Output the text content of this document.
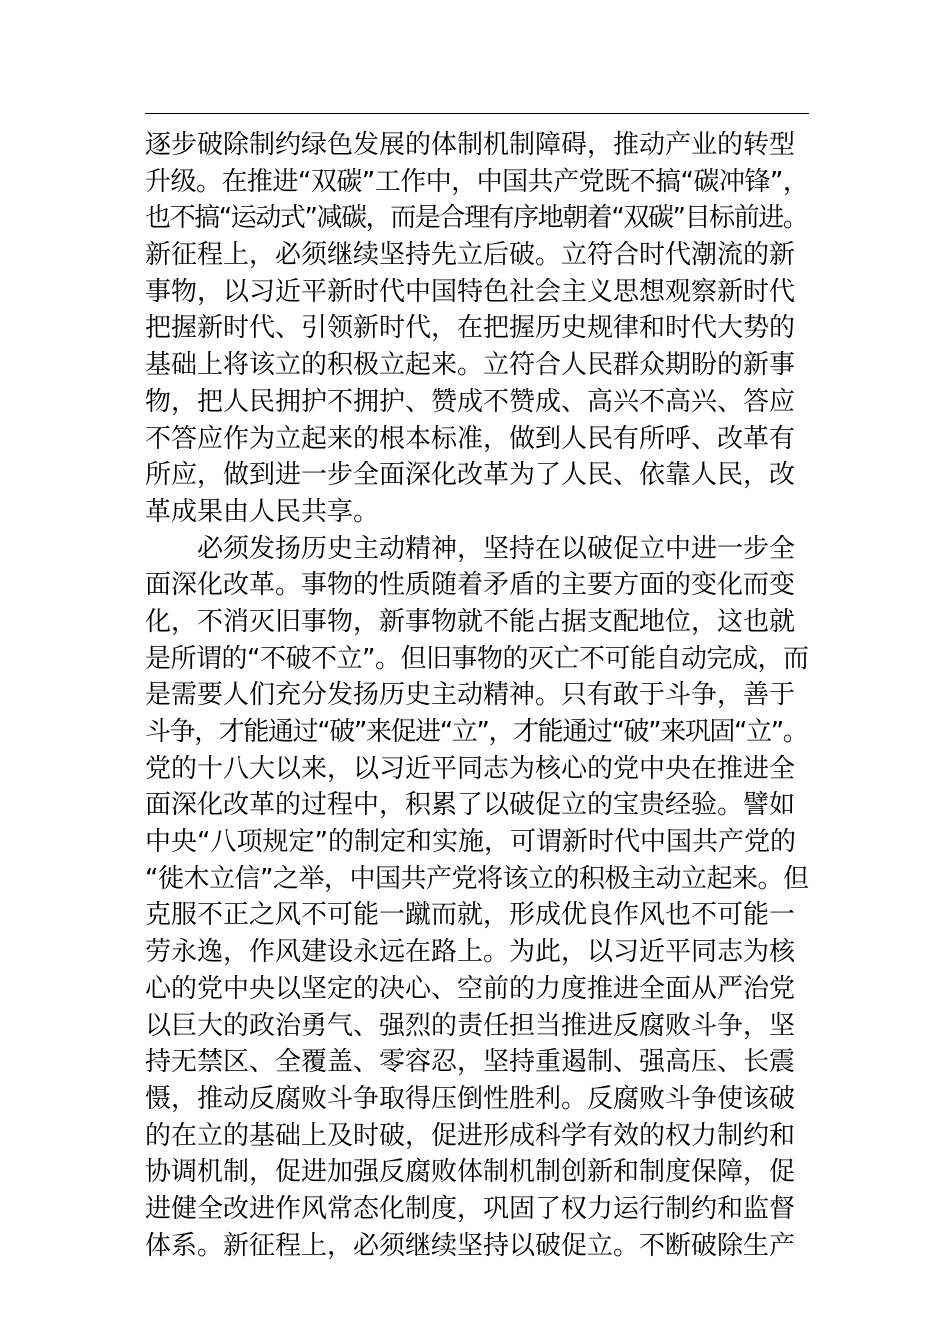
逐步破除制约绿色发展的体制机制障碍，推动产业的转型
升级。在推进“双碳”工作中，中国共产党既不搞“碳冲锋”，
也不搞“运动式”减碳，而是合理有序地朝着“双碳”目标前进。
新征程上，必须继续坚持先立后破。立符合时代潮流的新
事物，以习近平新时代中国特色社会主义思想观察新时代
把握新时代、引领新时代，在把握历史规律和时代大势的
基础上将该立的积极立起来。立符合人民群众期盼的新事
物，把人民拥护不拥护、赞成不赞成、高兴不高兴、答应
不答应作为立起来的根本标准，做到人民有所呼、改革有
所应，做到进一步全面深化改革为了人民、依靠人民，改
革成果由人民共享。
必须发扬历史主动精神，坚持在以破促立中进一步全
面深化改革。事物的性质随着矛盾的主要方面的变化而变
化，不消灭旧事物，新事物就不能占据支配地位，这也就
是所谓的“不破不立”。但旧事物的灭亡不可能自动完成，而
是需要人们充分发扬历史主动精神。只有敢于斗争，善于
斗争，才能通过“破”来促进“立”，才能通过“破”来巩固“立”。
党的十八大以来，以习近平同志为核心的党中央在推进全
面深化改革的过程中，积累了以破促立的宝贵经验。譬如
中央“八项规定”的制定和实施，可谓新时代中国共产党的
“徙木立信”之举，中国共产党将该立的积极主动立起来。但
克服不正之风不可能一蹴而就，形成优良作风也不可能一
劳永逸，作风建设永远在路上。为此，以习近平同志为核
心的党中央以坚定的决心、空前的力度推进全面从严治党
以巨大的政治勇气、强烈的责任担当推进反腐败斗争，坚
持无禁区、全覆盖、零容忍，坚持重遏制、强高压、长震
慑，推动反腐败斗争取得压倒性胜利。反腐败斗争使该破
的在立的基础上及时破，促进形成科学有效的权力制约和
协调机制，促进加强反腐败体制机制创新和制度保障，促
进健全改进作风常态化制度，巩固了权力运行制约和监督
体系。新征程上，必须继续坚持以破促立。不断破除生产
